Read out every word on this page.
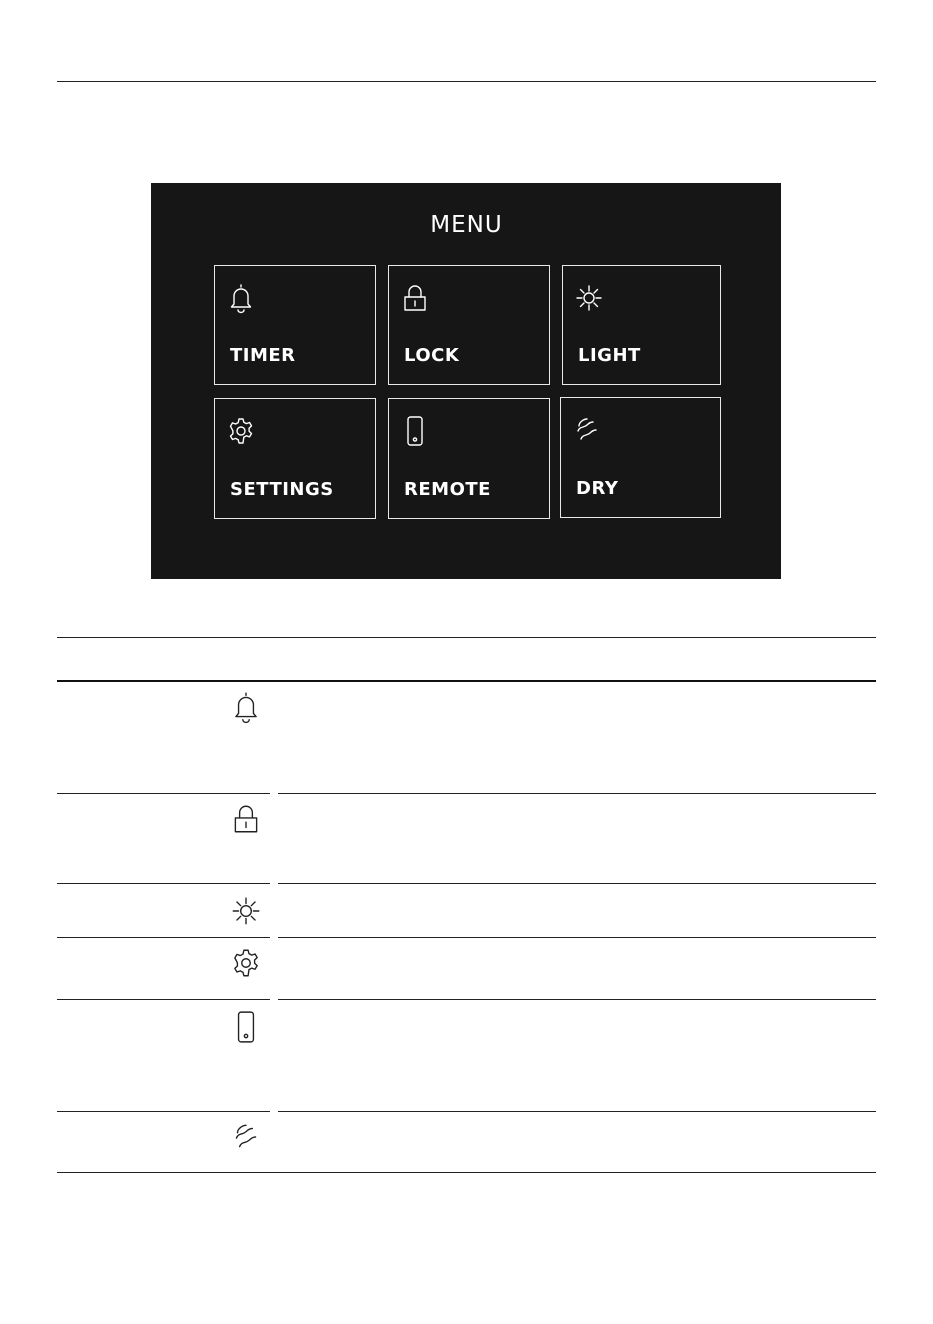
MENU
TIMER	LOCK	LIGHT
SETTINGS	REMOTE	DRY
